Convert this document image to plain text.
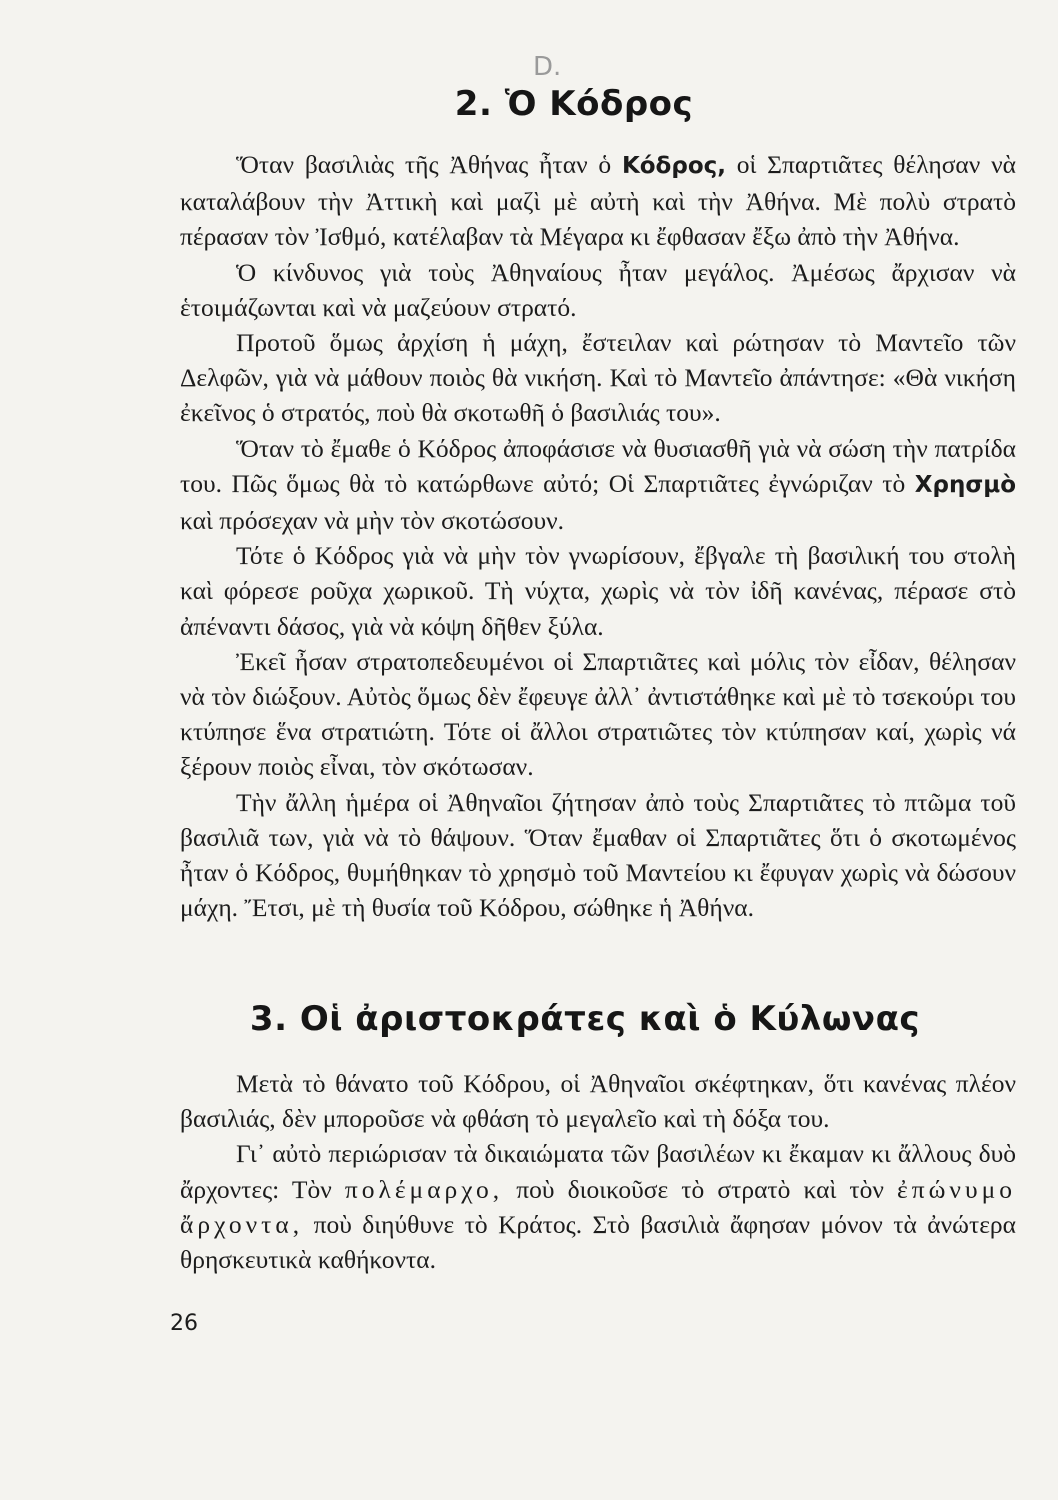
D.
2. Ὁ Κόδρος

Ὅταν βασιλιὰς τῆς Ἀθήνας ἦταν ὁ Κόδρος, οἱ Σπαρτιᾶτες θέλησαν νὰ καταλάβουν τὴν Ἀττικὴ καὶ μαζὶ μὲ αὐτὴ καὶ τὴν Ἀθήνα. Μὲ πολὺ στρατὸ πέρασαν τὸν Ἰσθμό, κατέλαβαν τὰ Μέγαρα κι ἔφθασαν ἔξω ἀπὸ τὴν Ἀθήνα.

Ὁ κίνδυνος γιὰ τοὺς Ἀθηναίους ἦταν μεγάλος. Ἀμέσως ἄρχισαν νὰ ἑτοιμάζωνται καὶ νὰ μαζεύουν στρατό.

Προτοῦ ὅμως ἀρχίση ἡ μάχη, ἔστειλαν καὶ ρώτησαν τὸ Μαντεῖο τῶν Δελφῶν, γιὰ νὰ μάθουν ποιὸς θὰ νικήση. Καὶ τὸ Μαντεῖο ἀπάντησε: «Θὰ νικήση ἐκεῖνος ὁ στρατός, ποὺ θὰ σκοτωθῆ ὁ βασιλιάς του».

Ὅταν τὸ ἔμαθε ὁ Κόδρος ἀποφάσισε νὰ θυσιασθῆ γιὰ νὰ σώση τὴν πατρίδα του. Πῶς ὅμως θὰ τὸ κατώρθωνε αὐτό; Οἱ Σπαρτιᾶτες ἐγνώριζαν τὸ Χρησμὸ καὶ πρόσεχαν νὰ μὴν τὸν σκοτώσουν.

Τότε ὁ Κόδρος γιὰ νὰ μὴν τὸν γνωρίσουν, ἔβγαλε τὴ βασιλική του στολὴ καὶ φόρεσε ροῦχα χωρικοῦ. Τὴ νύχτα, χωρὶς νὰ τὸν ἰδῆ κανένας, πέρασε στὸ ἀπέναντι δάσος, γιὰ νὰ κόψη δῆθεν ξύλα.

Ἐκεῖ ἦσαν στρατοπεδευμένοι οἱ Σπαρτιᾶτες καὶ μόλις τὸν εἶδαν, θέλησαν νὰ τὸν διώξουν. Αὐτὸς ὅμως δὲν ἔφευγε ἀλλ᾿ ἀντιστάθηκε καὶ μὲ τὸ τσεκούρι του κτύπησε ἕνα στρατιώτη. Τότε οἱ ἄλλοι στρατιῶτες τὸν κτύπησαν καί, χωρὶς νά ξέρουν ποιὸς εἶναι, τὸν σκότωσαν.

Τὴν ἄλλη ἡμέρα οἱ Ἀθηναῖοι ζήτησαν ἀπὸ τοὺς Σπαρτιᾶτες τὸ πτῶμα τοῦ βασιλιᾶ των, γιὰ νὰ τὸ θάψουν. Ὅταν ἔμαθαν οἱ Σπαρτιᾶτες ὅτι ὁ σκοτωμένος ἦταν ὁ Κόδρος, θυμήθηκαν τὸ χρησμὸ τοῦ Μαντείου κι ἔφυγαν χωρὶς νὰ δώσουν μάχη. Ἔτσι, μὲ τὴ θυσία τοῦ Κόδρου, σώθηκε ἡ Ἀθήνα.

3. Οἱ ἀριστοκράτες καὶ ὁ Κύλωνας

Μετὰ τὸ θάνατο τοῦ Κόδρου, οἱ Ἀθηναῖοι σκέφτηκαν, ὅτι κανένας πλέον βασιλιάς, δὲν μποροῦσε νὰ φθάση τὸ μεγαλεῖο καὶ τὴ δόξα του.

Γι᾿ αὐτὸ περιώρισαν τὰ δικαιώματα τῶν βασιλέων κι ἔκαμαν κι ἄλλους δυὸ ἄρχοντες: Τὸν πολέμαρχο, ποὺ διοικοῦσε τὸ στρατὸ καὶ τὸν ἐπώνυμο ἄρχοντα, ποὺ διηύθυνε τὸ Κράτος. Στὸ βασιλιὰ ἄφησαν μόνον τὰ ἀνώτερα θρησκευτικὰ καθήκοντα.

26
